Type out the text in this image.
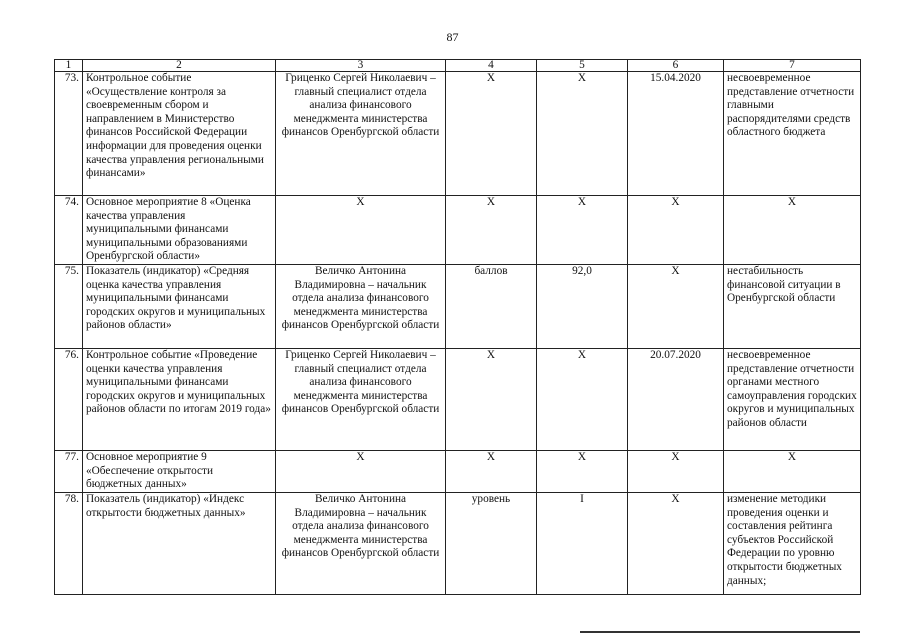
87
1	2	3	4	5	6	7
73.	Контрольное событие «Осуществление контроля за своевременным сбором и направлением в Министерство финансов Российской Федерации информации для проведения оценки качества управления региональными финансами»	Гриценко Сергей Николаевич – главный специалист отдела анализа финансового менеджмента министерства финансов Оренбургской области	Х	Х	15.04.2020	несвоевременное представление отчетности главными распорядителями средств областного бюджета
74.	Основное мероприятие 8 «Оценка качества управления муниципальными финансами муниципальными образованиями Оренбургской области»	Х	Х	Х	Х	Х
75.	Показатель (индикатор) «Средняя оценка качества управления муниципальными финансами городских округов и муниципальных районов области»	Величко Антонина Владимировна – начальник отдела анализа финансового менеджмента министерства финансов Оренбургской области	баллов	92,0	Х	нестабильность финансовой ситуации в Оренбургской области
76.	Контрольное событие «Проведение оценки качества управления муниципальными финансами городских округов и муниципальных районов области по итогам 2019 года»	Гриценко Сергей Николаевич – главный специалист отдела анализа финансового менеджмента министерства финансов Оренбургской области	Х	Х	20.07.2020	несвоевременное представление отчетности органами местного самоуправления городских округов и муниципальных районов области
77.	Основное мероприятие 9 «Обеспечение открытости бюджетных данных»	Х	Х	Х	Х	Х
78.	Показатель (индикатор) «Индекс открытости бюджетных данных»	Величко Антонина Владимировна – начальник отдела анализа финансового менеджмента министерства финансов Оренбургской области	уровень	I	Х	изменение методики проведения оценки и составления рейтинга субъектов Российской Федерации по уровню открытости бюджетных данных;
